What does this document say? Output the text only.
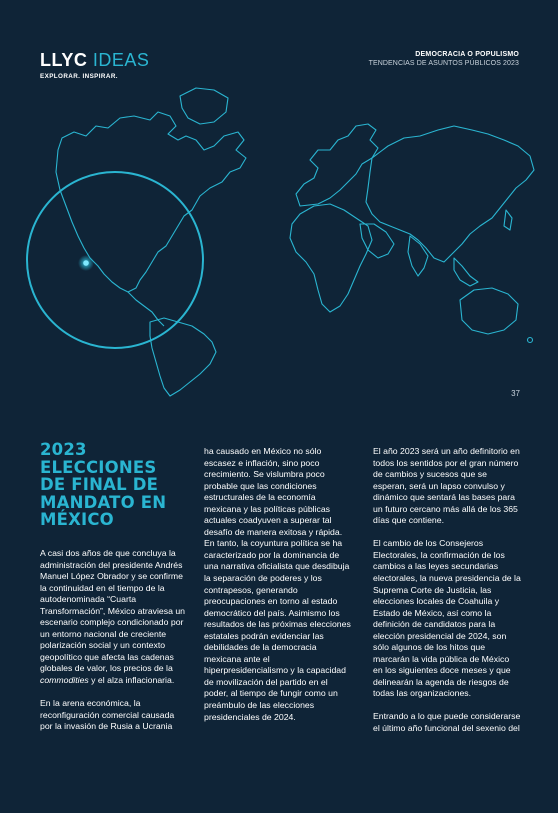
LLYC IDEAS
EXPLORAR. INSPIRAR.
DEMOCRACIA O POPULISMO
TENDENCIAS DE ASUNTOS PÚBLICOS 2023
37
2023
ELECCIONES
DE FINAL DE
MANDATO EN
MÉXICO

A casi dos años de que concluya la administración del presidente Andrés Manuel López Obrador y se confirme la continuidad en el tiempo de la autodenominada “Cuarta Transformación”, México atraviesa un escenario complejo condicionado por un entorno nacional de creciente polarización social y un contexto geopolítico que afecta las cadenas globales de valor, los precios de la commodities y el alza inflacionaria.

En la arena económica, la reconfiguración comercial causada por la invasión de Rusia a Ucrania

ha causado en México no sólo escasez e inflación, sino poco crecimiento. Se vislumbra poco probable que las condiciones estructurales de la economía mexicana y las políticas públicas actuales coadyuven a superar tal desafío de manera exitosa y rápida. En tanto, la coyuntura política se ha caracterizado por la dominancia de una narrativa oficialista que desdibuja la separación de poderes y los contrapesos, generando preocupaciones en torno al estado democrático del país. Asimismo los resultados de las próximas elecciones estatales podrán evidenciar las debilidades de la democracia mexicana ante el hiperpresidencialismo y la capacidad de movilización del partido en el poder, al tiempo de fungir como un preámbulo de las elecciones presidenciales de 2024.

El año 2023 será un año definitorio en todos los sentidos por el gran número de cambios y sucesos que se esperan, será un lapso convulso y dinámico que sentará las bases para un futuro cercano más allá de los 365 días que contiene.

El cambio de los Consejeros Electorales, la confirmación de los cambios a las leyes secundarias electorales, la nueva presidencia de la Suprema Corte de Justicia, las elecciones locales de Coahuila y Estado de México, así como la definición de candidatos para la elección presidencial de 2024, son sólo algunos de los hitos que marcarán la vida pública de México en los siguientes doce meses y que delinearán la agenda de riesgos de todas las organizaciones.

Entrando a lo que puede considerarse el último año funcional del sexenio del
